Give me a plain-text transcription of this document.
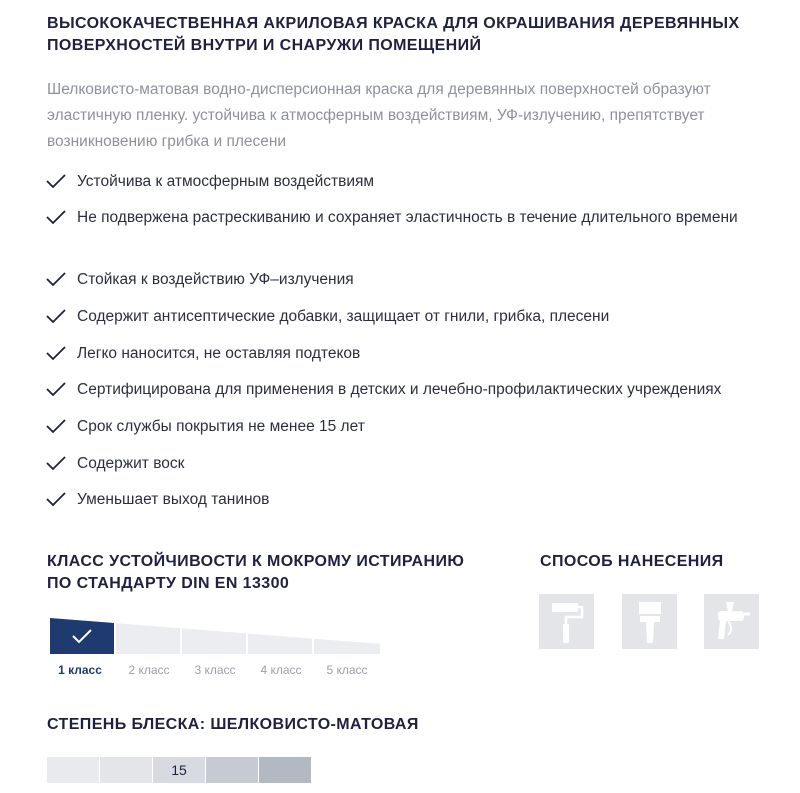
ВЫСОКОКАЧЕСТВЕННАЯ АКРИЛОВАЯ КРАСКА ДЛЯ ОКРАШИВАНИЯ ДЕРЕВЯННЫХ ПОВЕРХНОСТЕЙ ВНУТРИ И СНАРУЖИ ПОМЕЩЕНИЙ
Шелковисто-матовая водно-дисперсионная краска для деревянных поверхностей образуют эластичную пленку. устойчива к атмосферным воздействиям, УФ-излучению, препятствует возникновению грибка и плесени
Устойчива к атмосферным воздействиям
Не подвержена растрескиванию и сохраняет эластичность в течение длительного времени
Стойкая к воздействию УФ–излучения
Содержит антисептические добавки, защищает от гнили, грибка, плесени
Легко наносится, не оставляя подтеков
Сертифицирована для применения в детских и лечебно-профилактических учреждениях
Срок службы покрытия не менее 15 лет
Содержит воск
Уменьшает выход танинов
КЛАСС УСТОЙЧИВОСТИ К МОКРОМУ ИСТИРАНИЮ
ПО СТАНДАРТУ DIN EN 13300
1 класс	2 класс	3 класс	4 класс	5 класс
СПОСОБ НАНЕСЕНИЯ
СТЕПЕНЬ БЛЕСКА: ШЕЛКОВИСТО-МАТОВАЯ
15
